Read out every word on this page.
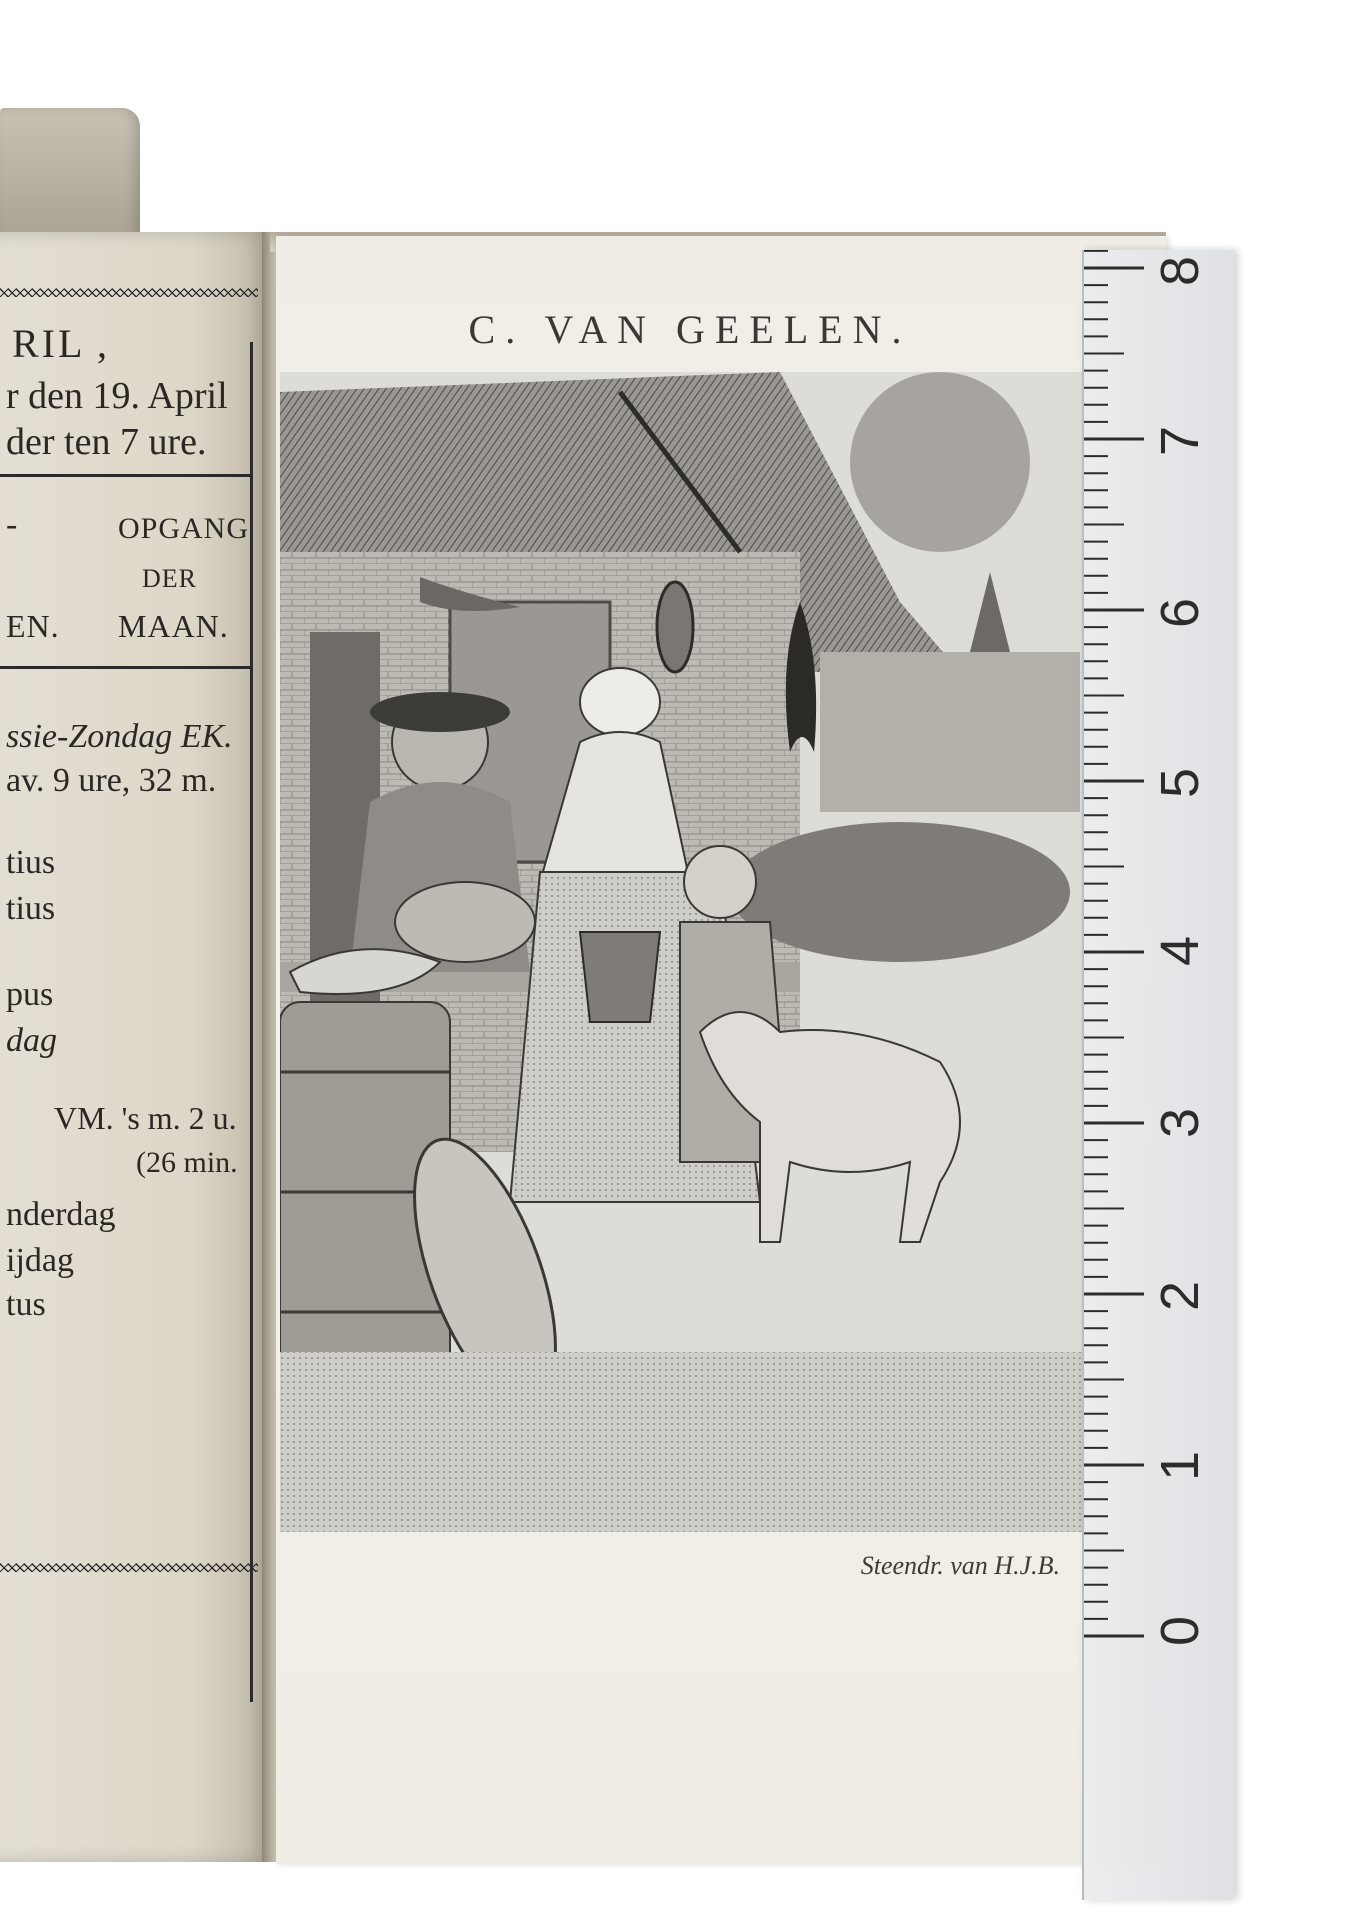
RIL ,
r den 19. April
der ten 7 ure.
-	OPGANG
DER
EN. MAAN.
ssie-Zondag EK.
av. 9 ure, 32 m.
tius
tius
pus
dag
VM. 's m. 2 u.
(26 min.
nderdag
ijdag
tus
C. VAN GEELEN.
Steendr. van H.J.B.
0
1
2
3
4
5
6
7
8
